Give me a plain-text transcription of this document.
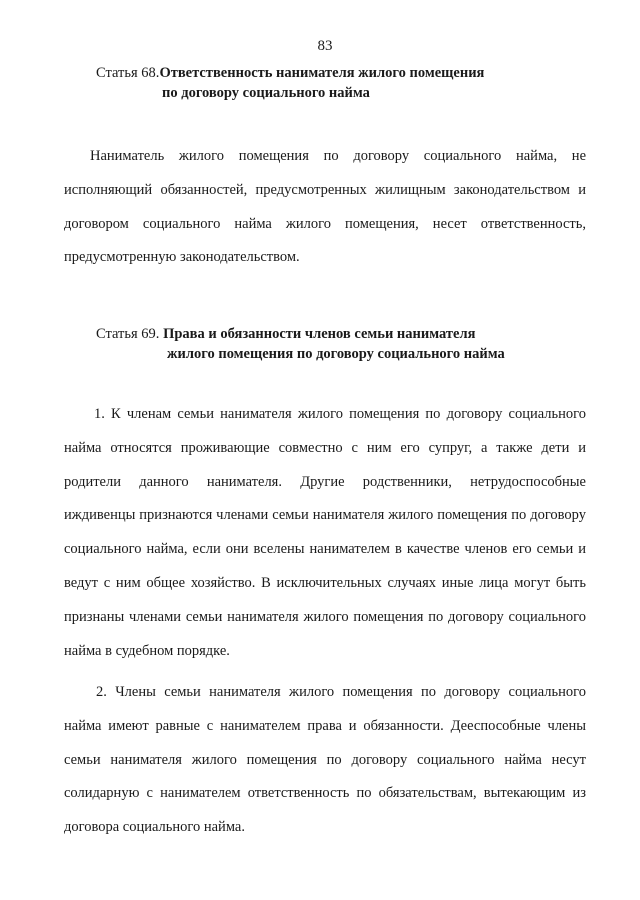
83
Статья 68.Ответственность нанимателя жилого помещения
по договору социального найма

Наниматель жилого помещения по договору социального найма, не исполняющий обязанностей, предусмотренных жилищным законодательством и договором социального найма жилого помещения, несет ответственность, предусмотренную законодательством.

Статья 69. Права и обязанности членов семьи нанимателя
жилого помещения по договору социального найма

1. К членам семьи нанимателя жилого помещения по договору социального найма относятся проживающие совместно с ним его супруг, а также дети и родители данного нанимателя. Другие родственники, нетрудоспособные иждивенцы признаются членами семьи нанимателя жилого помещения по договору социального найма, если они вселены нанимателем в качестве членов его семьи и ведут с ним общее хозяйство. В исключительных случаях иные лица могут быть признаны членами семьи нанимателя жилого помещения по договору социального найма в судебном порядке.

2. Члены семьи нанимателя жилого помещения по договору социального найма имеют равные с нанимателем права и обязанности. Дееспособные члены семьи нанимателя жилого помещения по договору социального найма несут солидарную с нанимателем ответственность по обязательствам, вытекающим из договора социального найма.
